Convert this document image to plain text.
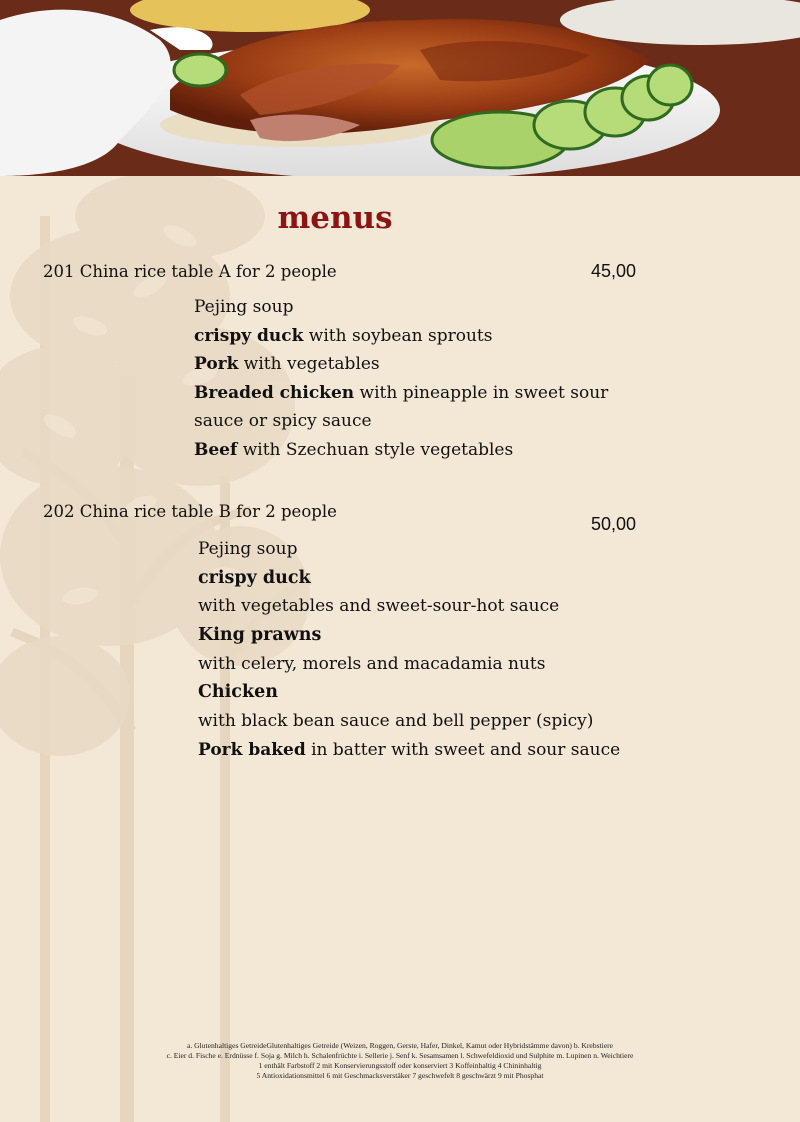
menus
201 China rice table A for 2 people	45,00
Pejing soup
crispy duck with soybean sprouts
Pork with vegetables
Breaded chicken with pineapple in sweet sour
sauce or spicy sauce
Beef with Szechuan style vegetables
202 China rice table B for 2 people
50,00
Pejing soup
crispy duck
with vegetables and sweet-sour-hot sauce
King prawns
with celery, morels and macadamia nuts
Chicken
with black bean sauce and bell pepper (spicy)
Pork baked in batter with sweet and sour sauce
a. Glutenhaltiges GetreideGlutenhaltiges Getreide (Weizen, Roggen, Gerste, Hafer, Dinkel, Kamut oder Hybridstämme davon) b. Krebstiere
c. Eier d. Fische e. Erdnüsse f. Soja g. Milch h. Schalenfrüchte i. Sellerie j. Senf k. Sesamsamen l. Schwefeldioxid und Sulphite m. Lupinen n. Weichtiere
1 enthält Farbstoff 2 mit Konservierungsstoff oder konserviert 3 Koffeinhaltig 4 Chininhaltig
5 Antioxidationsmittel 6 mit Geschmacksverstäker 7 geschwefelt 8 geschwärzt 9 mit Phosphat
